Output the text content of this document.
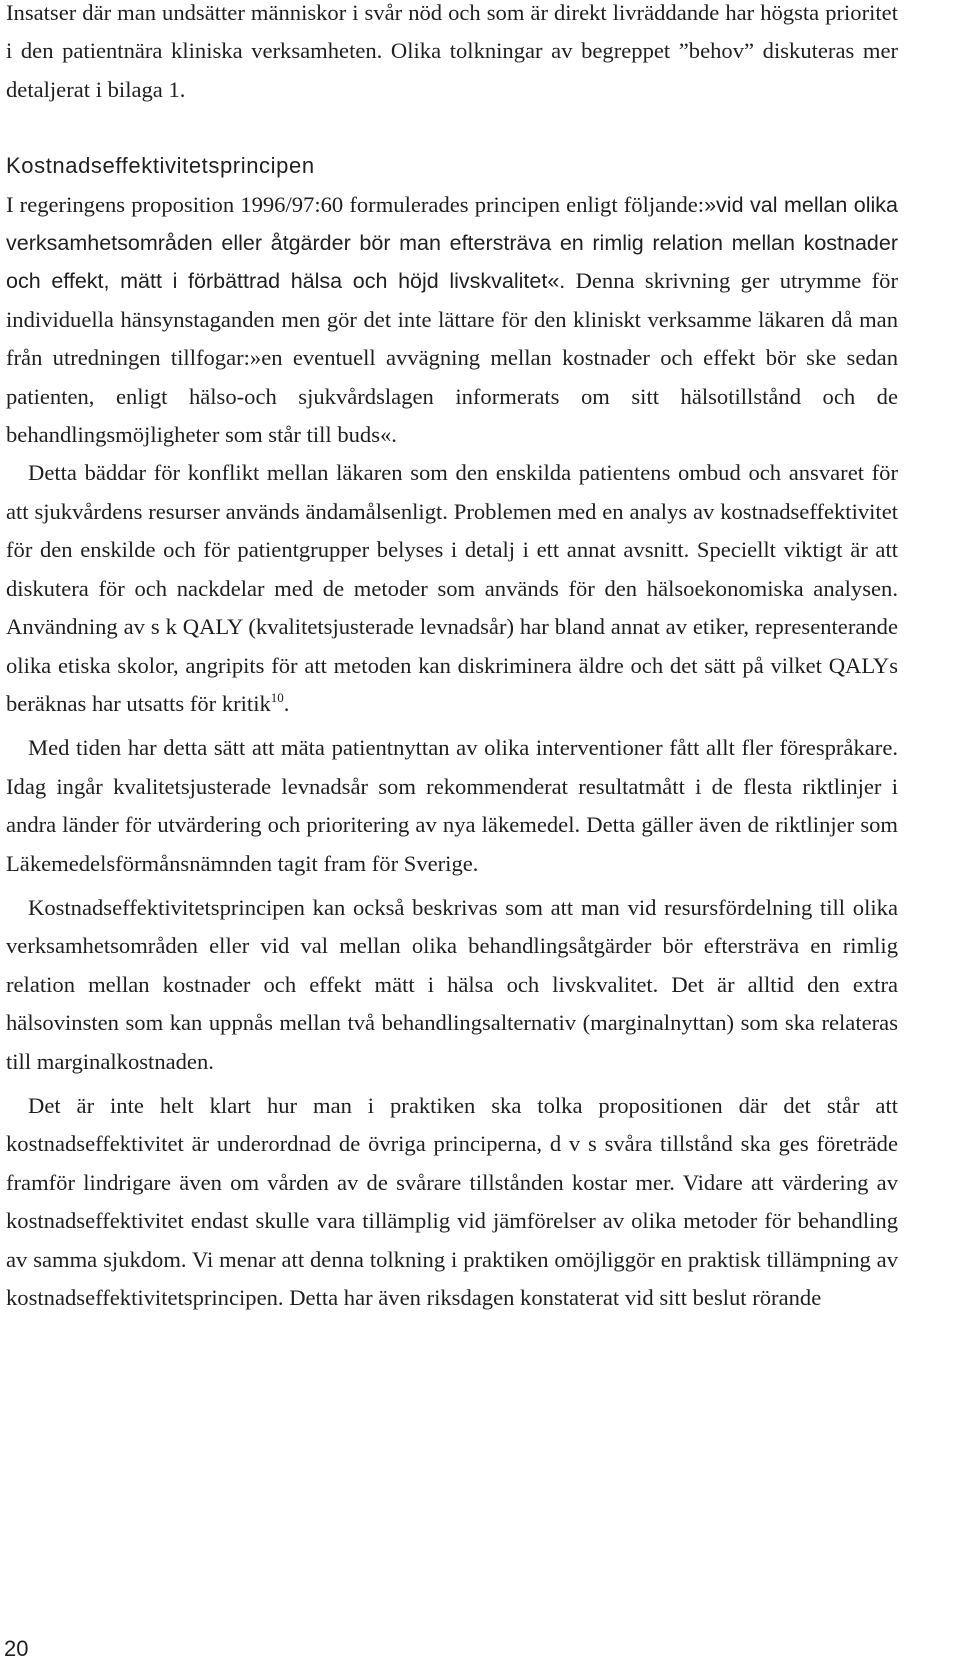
Insatser där man undsätter människor i svår nöd och som är direkt livräddande har högsta prioritet i den patientnära kliniska verksamheten. Olika tolkningar av begreppet ”behov” diskuteras mer detaljerat i bilaga 1.

Kostnadseffektivitetsprincipen

I regeringens proposition 1996/97:60 formulerades principen enligt följande:»vid val mellan olika verksamhetsområden eller åtgärder bör man eftersträva en rimlig relation mellan kostnader och effekt, mätt i förbättrad hälsa och höjd livskvalitet«. Denna skrivning ger utrymme för individuella hänsynstaganden men gör det inte lättare för den kliniskt verksamme läkaren då man från utredningen tillfogar:»en eventuell avvägning mellan kostnader och effekt bör ske sedan patienten, enligt hälso-och sjukvårdslagen informerats om sitt hälsotillstånd och de behandlingsmöjligheter som står till buds«.

Detta bäddar för konflikt mellan läkaren som den enskilda patientens ombud och ansvaret för att sjukvårdens resurser används ändamålsenligt. Problemen med en analys av kostnadseffektivitet för den enskilde och för patientgrupper belyses i detalj i ett annat avsnitt. Speciellt viktigt är att diskutera för och nackdelar med de metoder som används för den hälsoekonomiska analysen. Användning av s k QALY (kvalitetsjusterade levnadsår) har bland annat av etiker, representerande olika etiska skolor, angripits för att metoden kan diskriminera äldre och det sätt på vilket QALYs beräknas har utsatts för kritik$^{10}$.

Med tiden har detta sätt att mäta patientnyttan av olika interventioner fått allt fler förespråkare. Idag ingår kvalitetsjusterade levnadsår som rekommenderat resultatmått i de flesta riktlinjer i andra länder för utvärdering och prioritering av nya läkemedel. Detta gäller även de riktlinjer som Läkemedelsförmånsnämnden tagit fram för Sverige.

Kostnadseffektivitetsprincipen kan också beskrivas som att man vid resursfördelning till olika verksamhetsområden eller vid val mellan olika behandlingsåtgärder bör eftersträva en rimlig relation mellan kostnader och effekt mätt i hälsa och livskvalitet. Det är alltid den extra hälsovinsten som kan uppnås mellan två behandlingsalternativ (marginalnyttan) som ska relateras till marginalkostnaden.

Det är inte helt klart hur man i praktiken ska tolka propositionen där det står att kostnadseffektivitet är underordnad de övriga principerna, d v s svåra tillstånd ska ges företräde framför lindrigare även om vården av de svårare tillstånden kostar mer. Vidare att värdering av kostnadseffektivitet endast skulle vara tillämplig vid jämförelser av olika metoder för behandling av samma sjukdom. Vi menar att denna tolkning i praktiken omöjliggör en praktisk tillämpning av kostnadseffektivitetsprincipen. Detta har även riksdagen konstaterat vid sitt beslut rörande

20
